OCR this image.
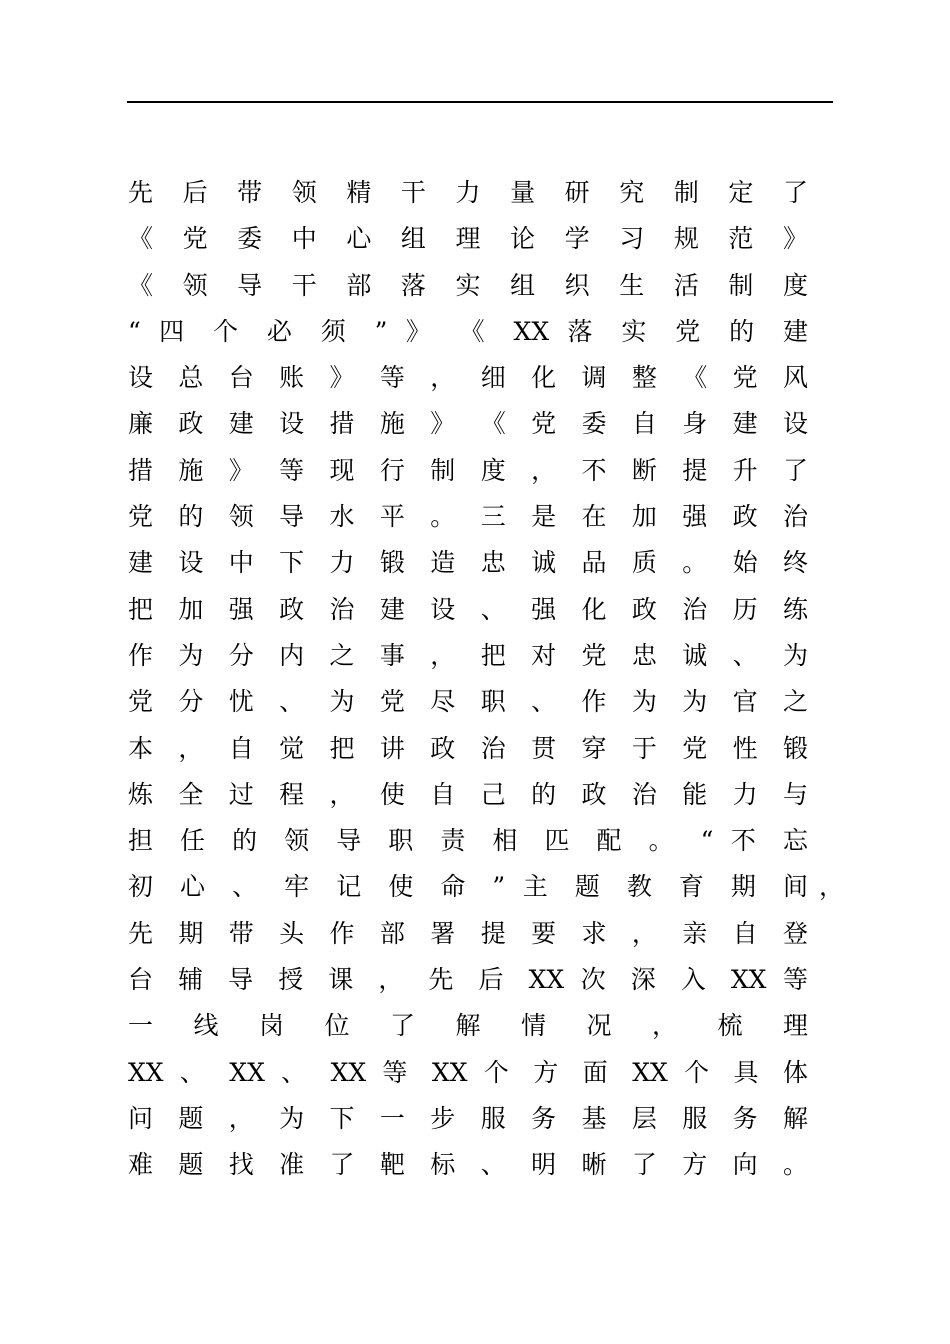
先 后 带 领 精 干 力 量 研 究 制 定 了
《 党 委 中 心 组 理 论 学 习 规 范 》
《 领 导 干 部 落 实 组 织 生 活 制 度
“ 四 个 必 须 ” 》 《 XX 落 实 党 的 建
设 总 台 账 》 等 ， 细 化 调 整 《 党 风
廉 政 建 设 措 施 》 《 党 委 自 身 建 设
措 施 》 等 现 行 制 度 ， 不 断 提 升 了
党 的 领 导 水 平 。 三 是 在 加 强 政 治
建 设 中 下 力 锻 造 忠 诚 品 质 。 始 终
把 加 强 政 治 建 设 、 强 化 政 治 历 练
作 为 分 内 之 事 ， 把 对 党 忠 诚 、 为
党 分 忧 、 为 党 尽 职 、 作 为 为 官 之
本 ， 自 觉 把 讲 政 治 贯 穿 于 党 性 锻
炼 全 过 程 ， 使 自 己 的 政 治 能 力 与
担 任 的 领 导 职 责 相 匹 配 。 “ 不 忘
初 心 、 牢 记 使 命 ” 主 题 教 育 期 间 ，
先 期 带 头 作 部 署 提 要 求 ， 亲 自 登
台 辅 导 授 课 ， 先 后 XX 次 深 入 XX 等
一 线 岗 位 了 解 情 况 ， 梳 理
XX 、 XX 、 XX 等 XX 个 方 面 XX 个 具 体
问 题 ， 为 下 一 步 服 务 基 层 服 务 解
难 题 找 准 了 靶 标 、 明 晰 了 方 向 。
